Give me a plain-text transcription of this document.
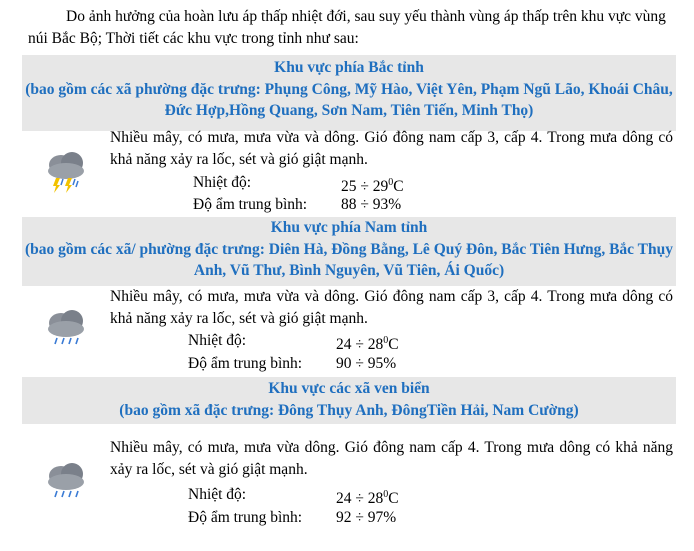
Do ảnh hưởng của hoàn lưu áp thấp nhiệt đới, sau suy yếu thành vùng áp thấp trên khu vực vùng núi Bắc Bộ; Thời tiết các khu vực trong tỉnh như sau:
Khu vực phía Bắc tỉnh
(bao gồm các xã phường đặc trưng: Phụng Công, Mỹ Hào, Việt Yên, Phạm Ngũ Lão, Khoái Châu, Đức Hợp,Hồng Quang, Sơn Nam, Tiên Tiến, Minh Thọ)
Nhiều mây, có mưa, mưa vừa và dông. Gió đông nam cấp 3, cấp 4. Trong mưa dông có khả năng xảy ra lốc, sét và gió giật mạnh.
Nhiệt độ:	$25 \div 29^0C$
Độ ẩm trung bình: 88 ÷ 93%
Khu vực phía Nam tỉnh
(bao gồm các xã/ phường đặc trưng: Diên Hà, Đồng Bằng, Lê Quý Đôn, Bắc Tiên Hưng, Bắc Thụy Anh, Vũ Thư, Bình Nguyên, Vũ Tiên, Ái Quốc)
Nhiều mây, có mưa, mưa vừa và dông. Gió đông nam cấp 3, cấp 4. Trong mưa dông có khả năng xảy ra lốc, sét và gió giật mạnh.
Nhiệt độ:	$24 \div 28^0C$
Độ ẩm trung bình: 90 ÷ 95%
Khu vực các xã ven biển
(bao gồm xã đặc trưng: Đông Thụy Anh, ĐôngTiền Hải, Nam Cường)
Nhiều mây, có mưa, mưa vừa dông. Gió đông nam cấp 4. Trong mưa dông có khả năng xảy ra lốc, sét và gió giật mạnh.
Nhiệt độ:	$24 \div 28^0C$
Độ ẩm trung bình: 92 ÷ 97%
